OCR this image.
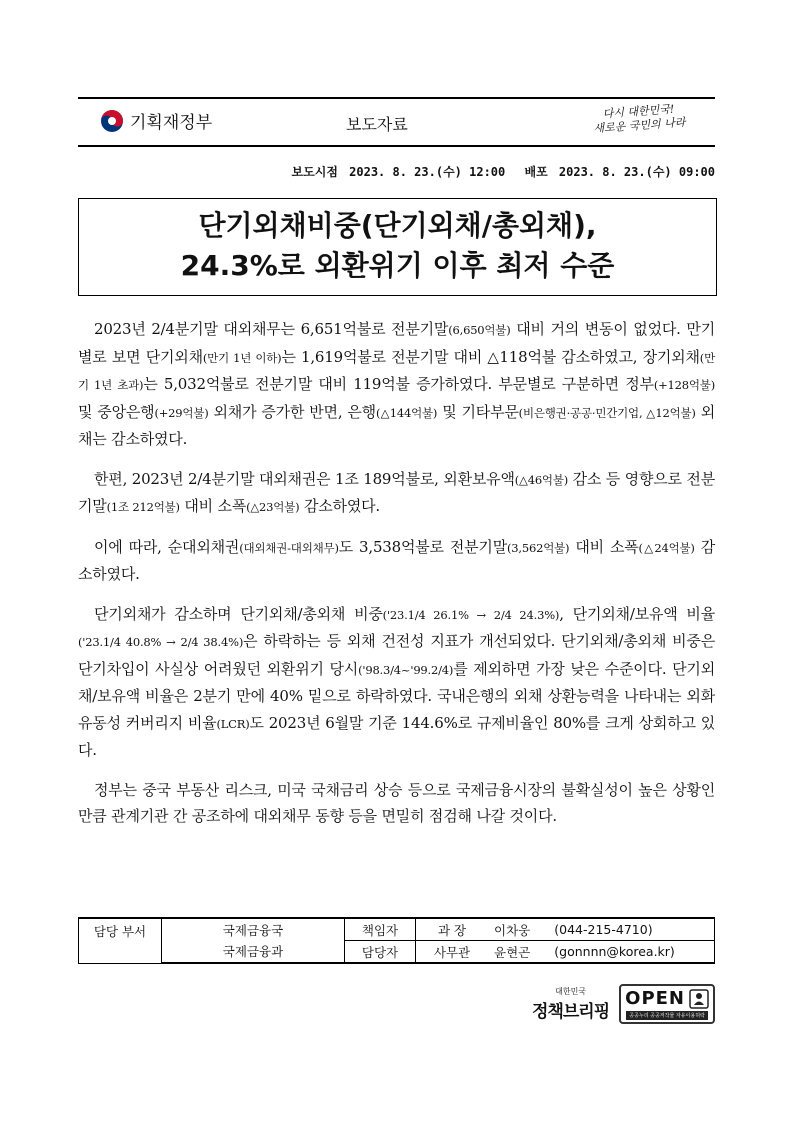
기획재정부	보도자료
다시 대한민국!
새로운 국민의 나라
보도시점 2023. 8. 23.(수) 12:00 배포 2023. 8. 23.(수) 09:00

단기외채비중(단기외채/총외채),

24.3%로 외환위기 이후 최저 수준

2023년 2/4분기말 대외채무는 6,651억불로 전분기말(6,650억불) 대비 거의 변동이 없었다. 만기별로 보면 단기외채(만기 1년 이하)는 1,619억불로 전분기말 대비 △118억불 감소하였고, 장기외채(만기 1년 초과)는 5,032억불로 전분기말 대비 119억불 증가하였다. 부문별로 구분하면 정부(+128억불) 및 중앙은행(+29억불) 외채가 증가한 반면, 은행(△144억불) 및 기타부문(비은행권·공공·민간기업, △12억불) 외채는 감소하였다.

한편, 2023년 2/4분기말 대외채권은 1조 189억불로, 외환보유액(△46억불) 감소 등 영향으로 전분기말(1조 212억불) 대비 소폭(△23억불) 감소하였다.

이에 따라, 순대외채권(대외채권-대외채무)도 3,538억불로 전분기말(3,562억불) 대비 소폭(△24억불) 감소하였다.

단기외채가 감소하며 단기외채/총외채 비중('23.1/4 26.1% → 2/4 24.3%), 단기외채/보유액 비율('23.1/4 40.8% → 2/4 38.4%)은 하락하는 등 외채 건전성 지표가 개선되었다. 단기외채/총외채 비중은 단기차입이 사실상 어려웠던 외환위기 당시('98.3/4~'99.2/4)를 제외하면 가장 낮은 수준이다. 단기외채/보유액 비율은 2분기 만에 40% 밑으로 하락하였다. 국내은행의 외채 상환능력을 나타내는 외화유동성 커버리지 비율(LCR)도 2023년 6월말 기준 144.6%로 규제비율인 80%를 크게 상회하고 있다.

정부는 중국 부동산 리스크, 미국 국채금리 상승 등으로 국제금융시장의 불확실성이 높은 상황인 만큼 관계기관 간 공조하에 대외채무 동향 등을 면밀히 점검해 나갈 것이다.

담당 부서	국제금융국	책임자	과 장	이차웅	(044-215-4710)
	국제금융과	담당자	사무관	윤현곤	(gonnnn@korea.kr)
대한민국
정책브리핑
OPEN
공공누리 공공저작물 자유이용허락
